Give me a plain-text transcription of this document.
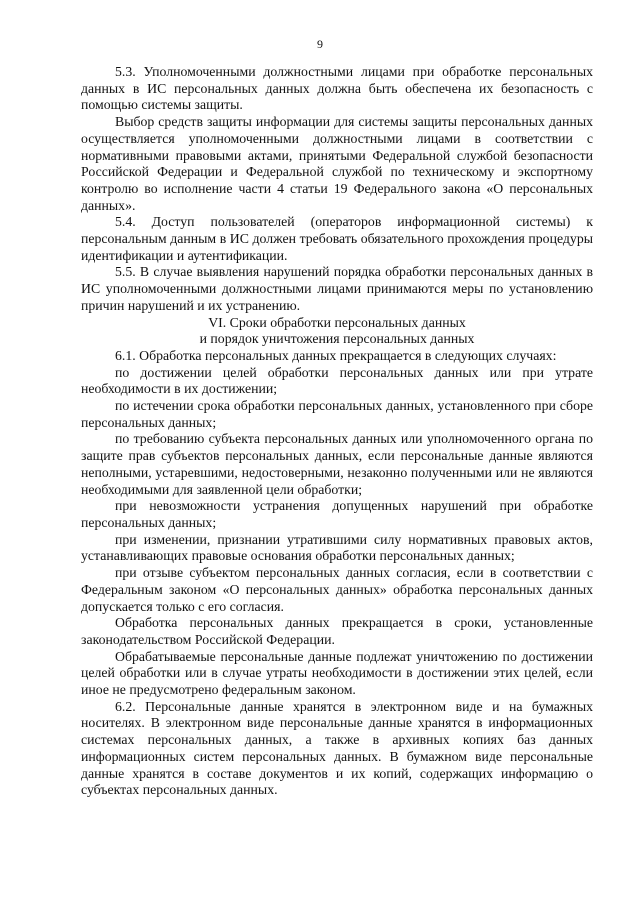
9

5.3. Уполномоченными должностными лицами при обработке персональных данных в ИС персональных данных должна быть обеспечена их безопасность с помощью системы защиты.

Выбор средств защиты информации для системы защиты персональных данных осуществляется уполномоченными должностными лицами в соответствии с нормативными правовыми актами, принятыми Федеральной службой безопасности Российской Федерации и Федеральной службой по техническому и экспортному контролю во исполнение части 4 статьи 19 Федерального закона «О персональных данных».

5.4. Доступ пользователей (операторов информационной системы) к персональным данным в ИС должен требовать обязательного прохождения процедуры идентификации и аутентификации.

5.5. В случае выявления нарушений порядка обработки персональных данных в ИС уполномоченными должностными лицами принимаются меры по установлению причин нарушений и их устранению.

VI. Сроки обработки персональных данных
и порядок уничтожения персональных данных

6.1. Обработка персональных данных прекращается в следующих случаях:

по достижении целей обработки персональных данных или при утрате необходимости в их достижении;

по истечении срока обработки персональных данных, установленного при сборе персональных данных;

по требованию субъекта персональных данных или уполномоченного органа по защите прав субъектов персональных данных, если персональные данные являются неполными, устаревшими, недостоверными, незаконно полученными или не являются необходимыми для заявленной цели обработки;

при невозможности устранения допущенных нарушений при обработке персональных данных;

при изменении, признании утратившими силу нормативных правовых актов, устанавливающих правовые основания обработки персональных данных;

при отзыве субъектом персональных данных согласия, если в соответствии с Федеральным законом «О персональных данных» обработка персональных данных допускается только с его согласия.

Обработка персональных данных прекращается в сроки, установленные законодательством Российской Федерации.

Обрабатываемые персональные данные подлежат уничтожению по достижении целей обработки или в случае утраты необходимости в достижении этих целей, если иное не предусмотрено федеральным законом.

6.2. Персональные данные хранятся в электронном виде и на бумажных носителях. В электронном виде персональные данные хранятся в информационных системах персональных данных, а также в архивных копиях баз данных информационных систем персональных данных. В бумажном виде персональные данные хранятся в составе документов и их копий, содержащих информацию о субъектах персональных данных.
